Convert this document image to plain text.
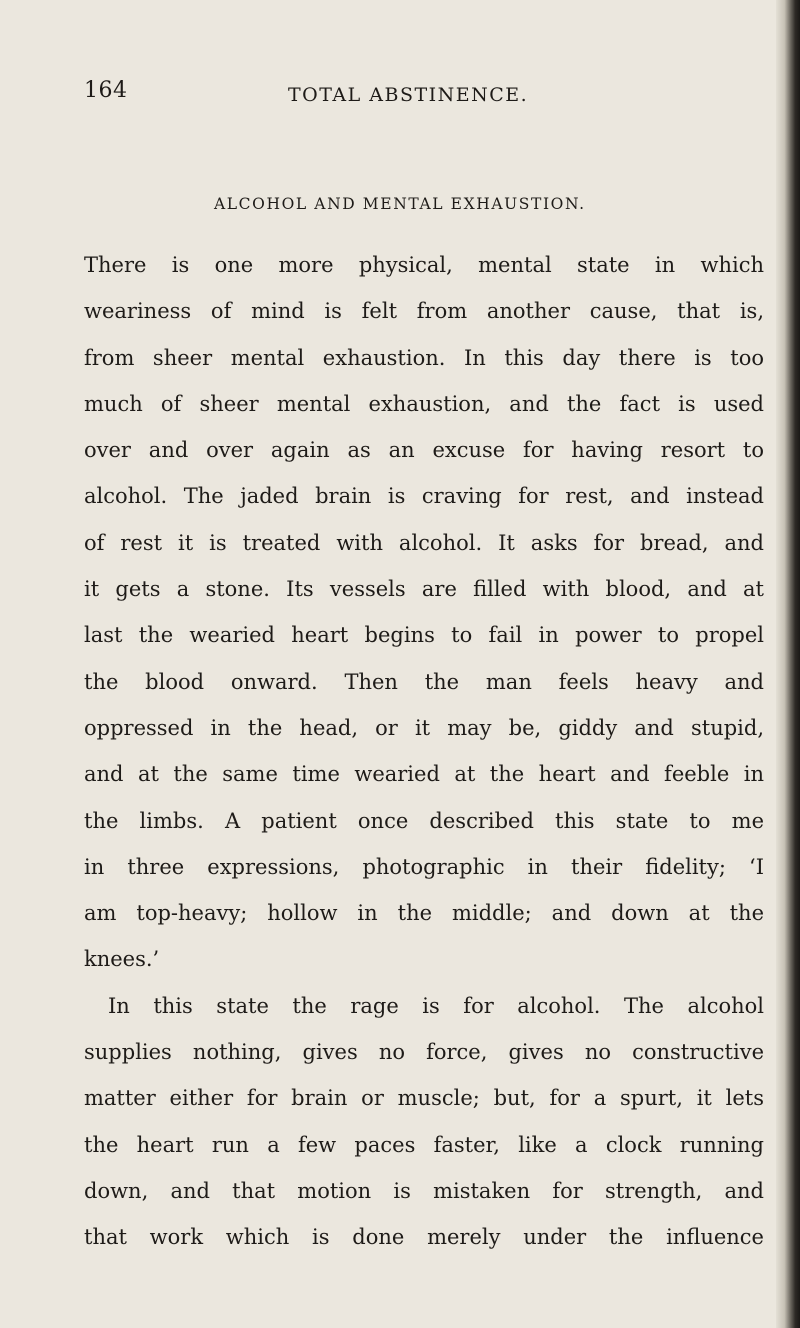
164	TOTAL ABSTINENCE.
ALCOHOL AND MENTAL EXHAUSTION.
There is one more physical, mental state in which
weariness of mind is felt from another cause, that is,
from sheer mental exhaustion. In this day there is too
much of sheer mental exhaustion, and the fact is used
over and over again as an excuse for having resort to
alcohol. The jaded brain is craving for rest, and instead
of rest it is treated with alcohol. It asks for bread, and
it gets a stone. Its vessels are filled with blood, and at
last the wearied heart begins to fail in power to propel
the blood onward. Then the man feels heavy and
oppressed in the head, or it may be, giddy and stupid,
and at the same time wearied at the heart and feeble in
the limbs. A patient once described this state to me
in three expressions, photographic in their fidelity; ‘I
am top-heavy; hollow in the middle; and down at the
knees.’
In this state the rage is for alcohol. The alcohol
supplies nothing, gives no force, gives no constructive
matter either for brain or muscle; but, for a spurt, it lets
the heart run a few paces faster, like a clock running
down, and that motion is mistaken for strength, and
that work which is done merely under the influence
